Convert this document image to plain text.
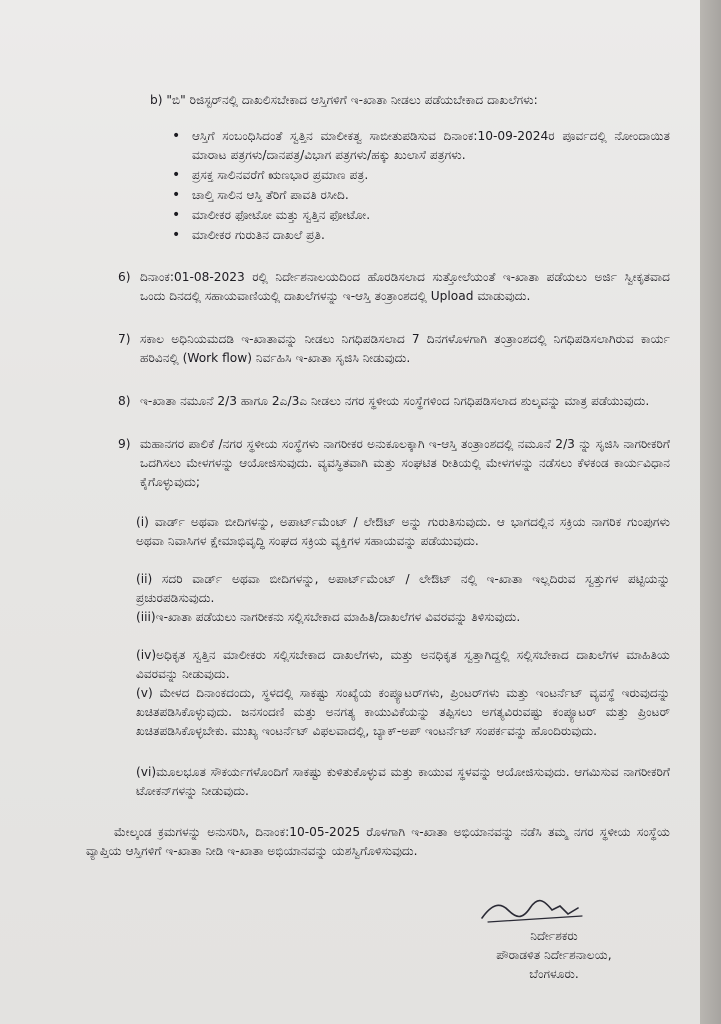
b) "ಬಿ" ರಿಜಿಸ್ಟರ್‌ನಲ್ಲಿ ದಾಖಲಿಸಬೇಕಾದ ಆಸ್ತಿಗಳಿಗೆ ಇ-ಖಾತಾ ನೀಡಲು ಪಡೆಯಬೇಕಾದ ದಾಖಲೆಗಳು:
• ಆಸ್ತಿಗೆ ಸಂಬಂಧಿಸಿದಂತೆ ಸ್ವತ್ತಿನ ಮಾಲೀಕತ್ವ ಸಾಬೀತುಪಡಿಸುವ ದಿನಾಂಕ:10-09-2024ರ ಪೂರ್ವದಲ್ಲಿ ನೋಂದಾಯಿತ ಮಾರಾಟ ಪತ್ರಗಳು/ದಾನಪತ್ರ/ವಿಭಾಗ ಪತ್ರಗಳು/ಹಕ್ಕು ಖುಲಾಸೆ ಪತ್ರಗಳು.
• ಪ್ರಸಕ್ತ ಸಾಲಿನವರೆಗೆ ಋಣಭಾರ ಪ್ರಮಾಣ ಪತ್ರ.
• ಚಾಲ್ತಿ ಸಾಲಿನ ಆಸ್ತಿ ತೆರಿಗೆ ಪಾವತಿ ರಸೀದಿ.
• ಮಾಲೀಕರ ಫೋಟೋ ಮತ್ತು ಸ್ವತ್ತಿನ ಫೋಟೋ.
• ಮಾಲೀಕರ ಗುರುತಿನ ದಾಖಲೆ ಪ್ರತಿ.
6) ದಿನಾಂಕ:01-08-2023 ರಲ್ಲಿ ನಿರ್ದೇಶನಾಲಯದಿಂದ ಹೊರಡಿಸಲಾದ ಸುತ್ತೋಲೆಯಂತೆ ಇ-ಖಾತಾ ಪಡೆಯಲು ಅರ್ಜಿ ಸ್ವೀಕೃತವಾದ ಒಂದು ದಿನದಲ್ಲಿ ಸಹಾಯವಾಣಿಯಲ್ಲಿ ದಾಖಲೆಗಳನ್ನು ಇ-ಆಸ್ತಿ ತಂತ್ರಾಂಶದಲ್ಲಿ Upload ಮಾಡುವುದು.
7) ಸಕಾಲ ಅಧಿನಿಯಮದಡಿ ಇ-ಖಾತಾವನ್ನು ನೀಡಲು ನಿಗಧಿಪಡಿಸಲಾದ 7 ದಿನಗಳೊಳಗಾಗಿ ತಂತ್ರಾಂಶದಲ್ಲಿ ನಿಗಧಿಪಡಿಸಲಾಗಿರುವ ಕಾರ್ಯ ಹರಿವಿನಲ್ಲಿ (Work flow) ನಿರ್ವಹಿಸಿ ಇ-ಖಾತಾ ಸೃಜಿಸಿ ನೀಡುವುದು.
8) ಇ-ಖಾತಾ ನಮೂನೆ 2/3 ಹಾಗೂ 2ಎ/3ಎ ನೀಡಲು ನಗರ ಸ್ಥಳೀಯ ಸಂಸ್ಥೆಗಳಿಂದ ನಿಗಧಿಪಡಿಸಲಾದ ಶುಲ್ಕವನ್ನು ಮಾತ್ರ ಪಡೆಯುವುದು.
9) ಮಹಾನಗರ ಪಾಲಿಕೆ /ನಗರ ಸ್ಥಳೀಯ ಸಂಸ್ಥೆಗಳು ನಾಗರೀಕರ ಅನುಕೂಲಕ್ಕಾಗಿ ಇ-ಆಸ್ತಿ ತಂತ್ರಾಂಶದಲ್ಲಿ ನಮೂನೆ 2/3 ನ್ನು ಸೃಜಿಸಿ ನಾಗರೀಕರಿಗೆ ಒದಗಿಸಲು ಮೇಳಗಳನ್ನು ಆಯೋಜಿಸುವುದು. ವ್ಯವಸ್ಥಿತವಾಗಿ ಮತ್ತು ಸಂಘಟಿತ ರೀತಿಯಲ್ಲಿ ಮೇಳಗಳನ್ನು ನಡೆಸಲು ಕೆಳಕಂಡ ಕಾರ್ಯವಿಧಾನ ಕೈಗೊಳ್ಳುವುದು;
(i) ವಾರ್ಡ್ ಅಥವಾ ಬೀದಿಗಳನ್ನು, ಅಪಾರ್ಟ್‌ಮೆಂಟ್ / ಲೇಔಟ್ ಅನ್ನು ಗುರುತಿಸುವುದು. ಆ ಭಾಗದಲ್ಲಿನ ಸಕ್ರಿಯ ನಾಗರಿಕ ಗುಂಪುಗಳು ಅಥವಾ ನಿವಾಸಿಗಳ ಕ್ಷೇಮಾಭಿವೃದ್ಧಿ ಸಂಘದ ಸಕ್ರಿಯ ವ್ಯಕ್ತಿಗಳ ಸಹಾಯವನ್ನು ಪಡೆಯುವುದು.
(ii) ಸದರಿ ವಾರ್ಡ್ ಅಥವಾ ಬೀದಿಗಳನ್ನು, ಅಪಾರ್ಟ್‌ಮೆಂಟ್ / ಲೇಔಟ್ ನಲ್ಲಿ ಇ-ಖಾತಾ ಇಲ್ಲದಿರುವ ಸ್ವತ್ತುಗಳ ಪಟ್ಟಿಯನ್ನು ಪ್ರಚುರಪಡಿಸುವುದು.
(iii)ಇ-ಖಾತಾ ಪಡೆಯಲು ನಾಗರೀಕನು ಸಲ್ಲಿಸಬೇಕಾದ ಮಾಹಿತಿ/ದಾಖಲೆಗಳ ವಿವರವನ್ನು ತಿಳಿಸುವುದು.
(iv)ಅಧಿಕೃತ ಸ್ವತ್ತಿನ ಮಾಲೀಕರು ಸಲ್ಲಿಸಬೇಕಾದ ದಾಖಲೆಗಳು, ಮತ್ತು ಅನಧಿಕೃತ ಸ್ವತ್ತಾಗಿದ್ದಲ್ಲಿ ಸಲ್ಲಿಸಬೇಕಾದ ದಾಖಲೆಗಳ ಮಾಹಿತಿಯ ವಿವರವನ್ನು ನೀಡುವುದು.
(v) ಮೇಳದ ದಿನಾಂಕದಂದು, ಸ್ಥಳದಲ್ಲಿ ಸಾಕಷ್ಟು ಸಂಖ್ಯೆಯ ಕಂಪ್ಯೂಟರ್‌ಗಳು, ಪ್ರಿಂಟರ್‌ಗಳು ಮತ್ತು ಇಂಟರ್ನೆಟ್ ವ್ಯವಸ್ಥೆ ಇರುವುದನ್ನು ಖಚಿತಪಡಿಸಿಕೊಳ್ಳುವುದು. ಜನಸಂದಣಿ ಮತ್ತು ಅನಗತ್ಯ ಕಾಯುವಿಕೆಯನ್ನು ತಪ್ಪಿಸಲು ಅಗತ್ಯವಿರುವಷ್ಟು ಕಂಪ್ಯೂಟರ್ ಮತ್ತು ಪ್ರಿಂಟರ್ ಖಚಿತಪಡಿಸಿಕೊಳ್ಳಬೇಕು. ಮುಖ್ಯ ಇಂಟರ್ನೆಟ್ ವಿಫಲವಾದಲ್ಲಿ, ಬ್ಯಾಕ್-ಅಪ್ ಇಂಟರ್ನೆಟ್ ಸಂಪರ್ಕವನ್ನು ಹೊಂದಿರುವುದು.
(vi)ಮೂಲಭೂತ ಸೌಕರ್ಯಗಳೊಂದಿಗೆ ಸಾಕಷ್ಟು ಕುಳಿತುಕೊಳ್ಳುವ ಮತ್ತು ಕಾಯುವ ಸ್ಥಳವನ್ನು ಆಯೋಜಿಸುವುದು. ಆಗಮಿಸುವ ನಾಗರೀಕರಿಗೆ ಟೋಕನ್‌ಗಳನ್ನು ನೀಡುವುದು.
ಮೇಲ್ಕಂಡ ಕ್ರಮಗಳನ್ನು ಅನುಸರಿಸಿ, ದಿನಾಂಕ:10-05-2025 ರೊಳಗಾಗಿ ಇ-ಖಾತಾ ಅಭಿಯಾನವನ್ನು ನಡೆಸಿ ತಮ್ಮ ನಗರ ಸ್ಥಳೀಯ ಸಂಸ್ಥೆಯ ವ್ಯಾಪ್ತಿಯ ಆಸ್ತಿಗಳಿಗೆ ಇ-ಖಾತಾ ನೀಡಿ ಇ-ಖಾತಾ ಅಭಿಯಾನವನ್ನು ಯಶಸ್ವಿಗೊಳಿಸುವುದು.
ನಿರ್ದೇಶಕರು
ಪೌರಾಡಳಿತ ನಿರ್ದೇಶನಾಲಯ,
ಬೆಂಗಳೂರು.
